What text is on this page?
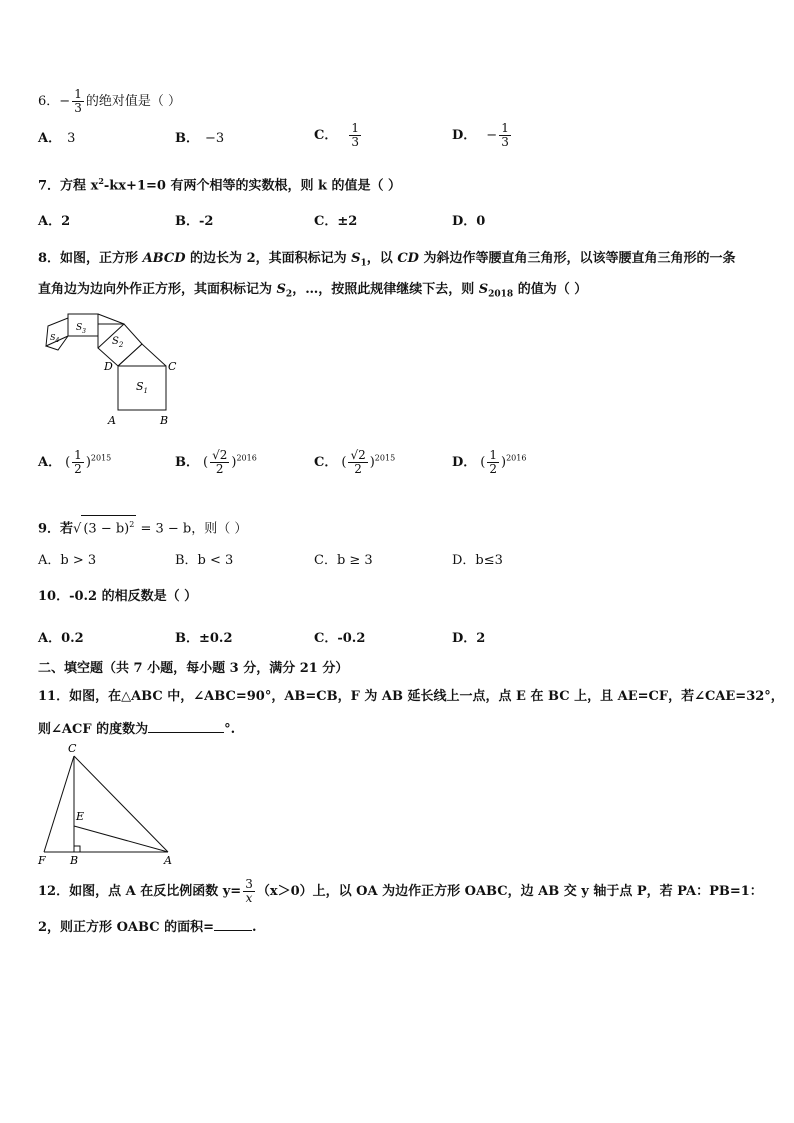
6．− $\frac{1}{3}$ 的绝对值是（ ）
A． 3	B． −3	C． $\frac{1}{3}$	D． − $\frac{1}{3}$
7．方程 $x^2-kx+1=0$ 有两个相等的实数根，则 k 的值是（ ）
A．2	B．-2	C．±2	D．0
8．如图，正方形 ABCD 的边长为 2，其面积标记为 $S_1$，以 CD 为斜边作等腰直角三角形，以该等腰直角三角形的一条
直角边为边向外作正方形，其面积标记为 $S_2$，…，按照此规律继续下去，则 $S_{2018}$ 的值为（ ）
$S_1$
$S_2$
$S_3$
$S_4$
D	C
A	B
A． ( $\frac{1}{2} )^{2015}$	B． ( $\frac{√2}{2} )^{2016}$	C． ( $\frac{√2}{2} )^{2015}$	D． ( $\frac{1}{2} )^{2016}$
9．若√ $(3 - b)^2 = 3 - b$，则（ ）
A．b > 3	B．b < 3	C．b ≥ 3	D．b≤3
10．-0.2 的相反数是（ ）
A．0.2	B．±0.2	C．-0.2	D．2
二、填空题（共 7 小题，每小题 3 分，满分 21 分）
11．如图，在△ABC 中，∠ABC=90°，AB=CB，F 为 AB 延长线上一点，点 E 在 BC 上，且 AE=CF，若∠CAE=32°，
则∠ACF 的度数为	°.
C
E
F B	A
12．如图，点 A 在反比例函数 $y= \frac{3}{x} (x>0)$上，以 OA 为边作正方形 OABC，边 AB 交 y 轴于点 P，若 PA：PB=1：
2，则正方形 OABC 的面积=	.
